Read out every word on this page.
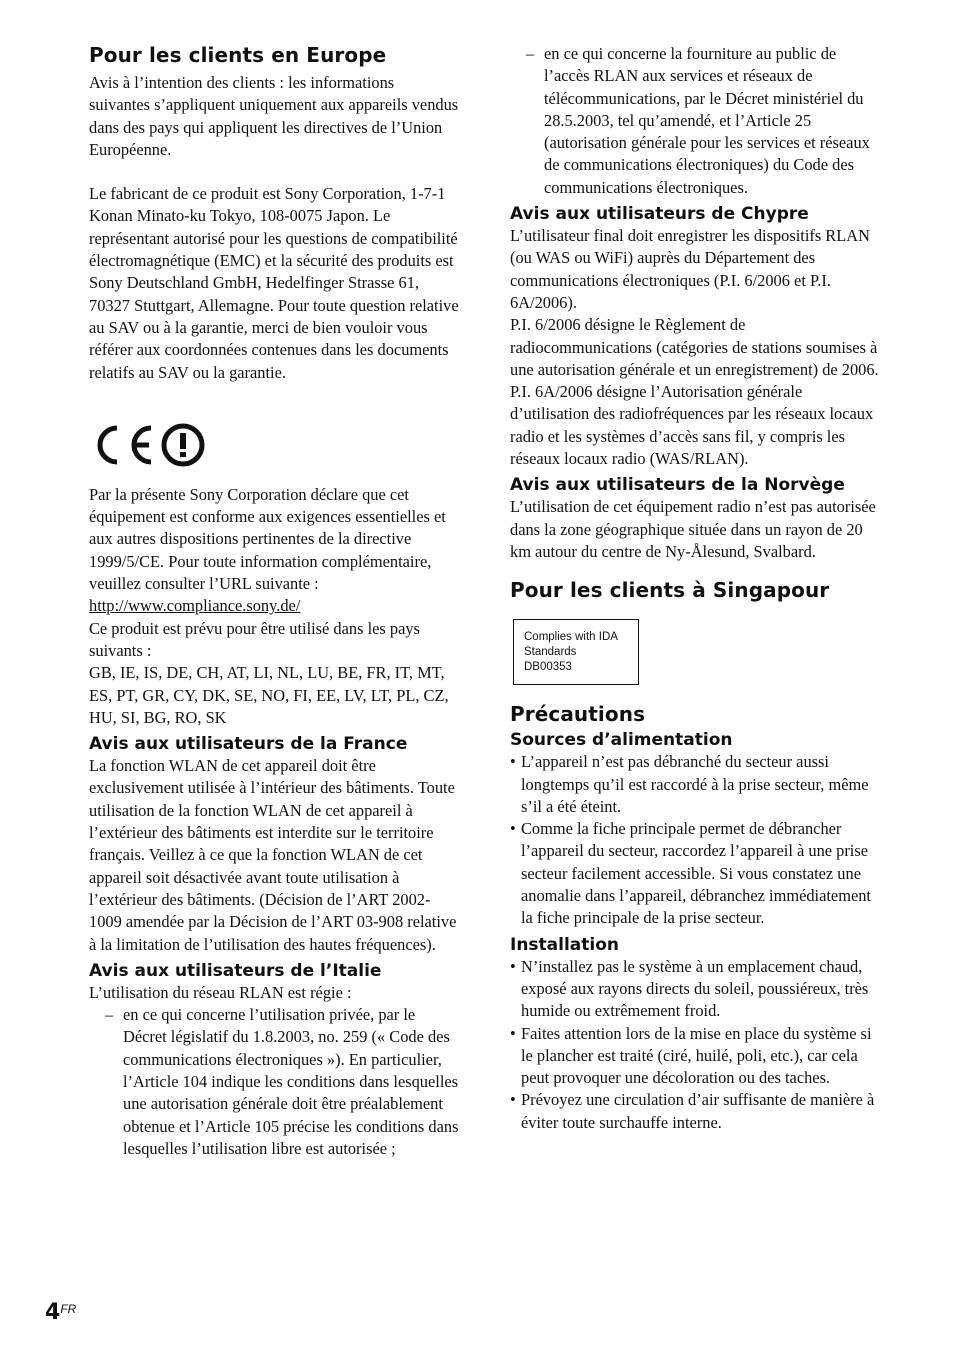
Pour les clients en Europe

Avis à l’intention des clients : les informations suivantes s’appliquent uniquement aux appareils vendus dans des pays qui appliquent les directives de l’Union Européenne.

Le fabricant de ce produit est Sony Corporation, 1-7-1 Konan Minato-ku Tokyo, 108-0075 Japon. Le représentant autorisé pour les questions de compatibilité électromagnétique (EMC) et la sécurité des produits est Sony Deutschland GmbH, Hedelfinger Strasse 61, 70327 Stuttgart, Allemagne. Pour toute question relative au SAV ou à la garantie, merci de bien vouloir vous référer aux coordonnées contenues dans les documents relatifs au SAV ou la garantie.

Par la présente Sony Corporation déclare que cet équipement est conforme aux exigences essentielles et aux autres dispositions pertinentes de la directive 1999/5/CE. Pour toute information complémentaire, veuillez consulter l’URL suivante : http://www.compliance.sony.de/

Ce produit est prévu pour être utilisé dans les pays suivants :

GB, IE, IS, DE, CH, AT, LI, NL, LU, BE, FR, IT, MT, ES, PT, GR, CY, DK, SE, NO, FI, EE, LV, LT, PL, CZ, HU, SI, BG, RO, SK

Avis aux utilisateurs de la France

La fonction WLAN de cet appareil doit être exclusivement utilisée à l’intérieur des bâtiments. Toute utilisation de la fonction WLAN de cet appareil à l’extérieur des bâtiments est interdite sur le territoire français. Veillez à ce que la fonction WLAN de cet appareil soit désactivée avant toute utilisation à l’extérieur des bâtiments. (Décision de l’ART 2002-1009 amendée par la Décision de l’ART 03-908 relative à la limitation de l’utilisation des hautes fréquences).

Avis aux utilisateurs de l’Italie

L’utilisation du réseau RLAN est régie :

– en ce qui concerne l’utilisation privée, par le Décret législatif du 1.8.2003, no. 259 (« Code des communications électroniques »). En particulier, l’Article 104 indique les conditions dans lesquelles une autorisation générale doit être préalablement obtenue et l’Article 105 précise les conditions dans lesquelles l’utilisation libre est autorisée ;
– en ce qui concerne la fourniture au public de l’accès RLAN aux services et réseaux de télécommunications, par le Décret ministériel du 28.5.2003, tel qu’amendé, et l’Article 25 (autorisation générale pour les services et réseaux de communications électroniques) du Code des communications électroniques.
Avis aux utilisateurs de Chypre

L’utilisateur final doit enregistrer les dispositifs RLAN (ou WAS ou WiFi) auprès du Département des communications électroniques (P.I. 6/2006 et P.I. 6A/2006).

P.I. 6/2006 désigne le Règlement de radiocommunications (catégories de stations soumises à une autorisation générale et un enregistrement) de 2006. P.I. 6A/2006 désigne l’Autorisation générale d’utilisation des radiofréquences par les réseaux locaux radio et les systèmes d’accès sans fil, y compris les réseaux locaux radio (WAS/RLAN).

Avis aux utilisateurs de la Norvège

L’utilisation de cet équipement radio n’est pas autorisée dans la zone géographique située dans un rayon de 20 km autour du centre de Ny-Ålesund, Svalbard.

Pour les clients à Singapour
Complies with IDA
Standards
DB00353
Précautions
Sources d’alimentation
• L’appareil n’est pas débranché du secteur aussi longtemps qu’il est raccordé à la prise secteur, même s’il a été éteint.
• Comme la fiche principale permet de débrancher l’appareil du secteur, raccordez l’appareil à une prise secteur facilement accessible. Si vous constatez une anomalie dans l’appareil, débranchez immédiatement la fiche principale de la prise secteur.
Installation
• N’installez pas le système à un emplacement chaud, exposé aux rayons directs du soleil, poussiéreux, très humide ou extrêmement froid.
• Faites attention lors de la mise en place du système si le plancher est traité (ciré, huilé, poli, etc.), car cela peut provoquer une décoloration ou des taches.
• Prévoyez une circulation d’air suffisante de manière à éviter toute surchauffe interne.
$4^{FR}$
